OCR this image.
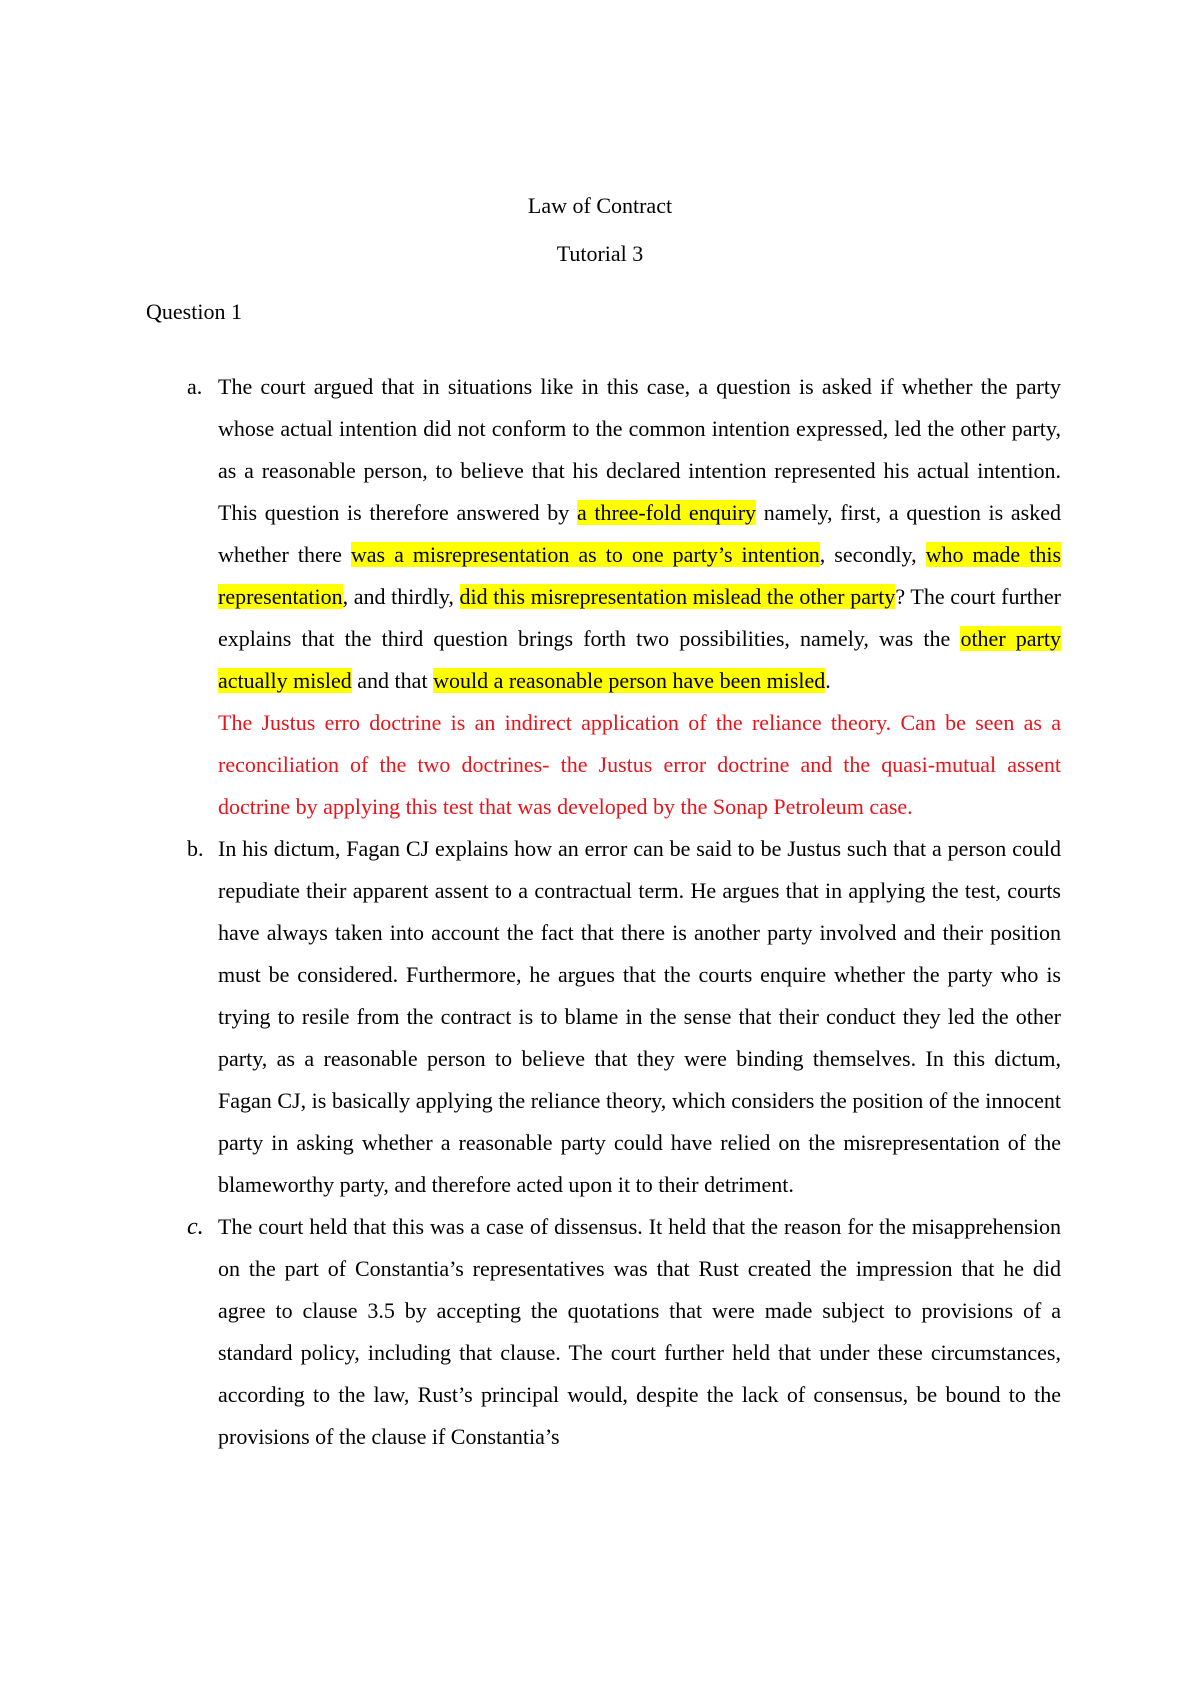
Law of Contract

Tutorial 3

Question 1

a. The court argued that in situations like in this case, a question is asked if whether the party whose actual intention did not conform to the common intention expressed, led the other party, as a reasonable person, to believe that his declared intention represented his actual intention. This question is therefore answered by a three-fold enquiry namely, first, a question is asked whether there was a misrepresentation as to one party’s intention, secondly, who made this representation, and thirdly, did this misrepresentation mislead the other party? The court further explains that the third question brings forth two possibilities, namely, was the other party actually misled and that would a reasonable person have been misled.

The Justus erro doctrine is an indirect application of the reliance theory. Can be seen as a reconciliation of the two doctrines- the Justus error doctrine and the quasi-mutual assent doctrine by applying this test that was developed by the Sonap Petroleum case.

b. In his dictum, Fagan CJ explains how an error can be said to be Justus such that a person could repudiate their apparent assent to a contractual term. He argues that in applying the test, courts have always taken into account the fact that there is another party involved and their position must be considered. Furthermore, he argues that the courts enquire whether the party who is trying to resile from the contract is to blame in the sense that their conduct they led the other party, as a reasonable person to believe that they were binding themselves. In this dictum, Fagan CJ, is basically applying the reliance theory, which considers the position of the innocent party in asking whether a reasonable party could have relied on the misrepresentation of the blameworthy party, and therefore acted upon it to their detriment.

c. The court held that this was a case of dissensus. It held that the reason for the misapprehension on the part of Constantia’s representatives was that Rust created the impression that he did agree to clause 3.5 by accepting the quotations that were made subject to provisions of a standard policy, including that clause. The court further held that under these circumstances, according to the law, Rust’s principal would, despite the lack of consensus, be bound to the provisions of the clause if Constantia’s
